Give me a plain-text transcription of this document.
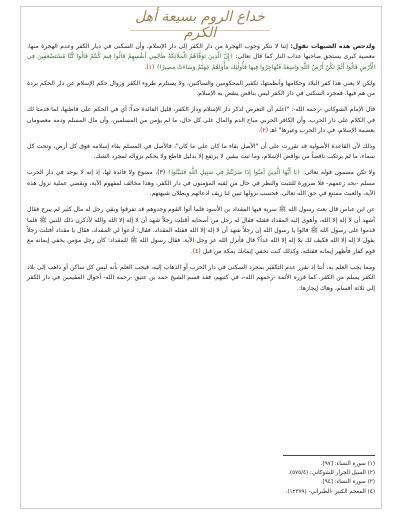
خداع الروم بسيعة أهل الكرم

ولدحض هذه الشبهات نقول: إننا لا ننكر وجوب الهجرة من دار الكفر إلى دار الإسلام، وأن السكنى في ديار الكفر وعدم الهجرة منها، معصية كبرى يستحق صاحبها عذاب النار كما قال تعالى: ﴿إِنَّ الَّذِينَ تَوَفَّاهُمُ الْمَلَائِكَةُ ظَالِمِي أَنفُسِهِمْ قَالُوا فِيمَ كُنتُمْ قَالُوا كُنَّا مُسْتَضْعَفِينَ فِي الْأَرْضِ قَالُوا أَلَمْ تَكُنْ أَرْضُ اللَّهِ وَاسِعَةً فَتُهَاجِرُوا فِيهَا فَأُولَٰئِكَ مَأْوَاهُمْ جَهَنَّمُ وَسَاءَتْ مَصِيرًا﴾ (١).

ولكن لا يعني هذا كفر البلاد وحكامها وأنظمتها، تكفير المحكومين والساكنين، ولا يستلزم طروء الكفر وزوال حكم الإسلام عن دار الحكم بردة من هم فيها، فمجرد السكنى في دار الكفر ليس بناقض ينقض به الإسلام.

قال الإمام الشوكاني -رحمه الله-: "اعلم أن التعرض لذكر دار الإسلام ودار الكفر، قليل الفائدة جداً؛ أي في الحكم على قاطنها، لما قدمنا لك في الكلام على دار الحرب، وأن الكافر الحربي مباح الدم والمال على كل حال، ما لم يؤمن من المسلمين، وأن مال المسلم ودمه معصومان بعصمة الإسلام، في دار الحرب وغيرها" اهـ (٢).

وذلك لأن القاعدة الأصولية قد تقررت على أن "الأصل بقاء ما كان على ما كان"، فالأصل في المسلم بقاء إسلامه فوق كل أرض، وتحت كل سماء، ما لم يرتكب ناقضاً من نواقض الإسلام، وما ثبت بيقين لا يرتفع إلا بدليل قاطع ولا يحكم بزواله لمجرد الشك.

ولا تكن مضمون قوله تعالى: ﴿يَا أَيُّهَا الَّذِينَ آمَنُوا إِذَا ضَرَبْتُمْ فِي سَبِيلِ اللَّهِ فَتَبَيَّنُوا﴾ (٣)، ممنوع ولا فائدة لها، إذ إنه لا يوجد في دار الحرب مسلم -بحد زعمهم- فلا ضرورة للتثبت والنظر في حال من لقيه المؤمنون في دار الكفر، وهذا مخالف لمفهوم الآية، وبقضي عملية نزول هذه الآية، والعبث ممتنع في حق الله تعالى، فحسب نزولها تبين لنا زيف ادعائهم وبطلان شبهتهم.

عن ابن عباس قال بعث رسول الله ﷺ سرية فيها المقداد بن الأسود فلما أتوا القوم وجدوهم قد تفرقوا وبقي رجل له مال كثير لم يبرح فقال أشهد أن لا إله إلا الله، وأهوى إليه المقداد فقتله فقال له رجل من أصحابه أقتلت رجلاً شهد أن لا إله إلا الله والله لأذكرن ذلك للنبي ﷺ فلما قدموا على رسول الله ﷺ قالوا يا رسول الله إن رجلاً شهد أن لا إله إلا الله فقتله المقداد، فقال: أدعوا لي المقداد، فقال يا مقداد أقتلت رجلاً يقول لا إله إلا الله فكيف لك بلا إله إلا الله غداً؟ قال فأنزل الله عز وجل الآية. فقال رسول الله ﷺ للمقداد: كان رجل مؤمن يخفي إيمانه مع قوم كفار فأظهر إيمانه فقتلته، وكذلك كنت تخفي إيمانك بمكة من قبل (٤).

ومما يجب العلم به، أننا إذ نقرر عدم التكفير بمجرد السكنى في دار الحرب أو الذهاب إليه، فيجب العلم بأنه ليس كل ساكن أو ذاهب إلى بلاد الكفر يسلم من الكفر، كما قرره الأئمة -رحمهم الله-، في كتبهم، فقد قسم الشيخ حمد بن عتيق -رحمه الله- أحوال المقيمين في دار الكفر إلى ثلاثة أقسام، وهاك إيجازها:

(١) سورة النساء: [٩٧].

(٢) السيل الجرار للشوكاني: (٥٧٥/٤).

(٣) سورة النساء: [٩٤].

(٤) المعجم الكبير -الطبراني- (١٢٣٧٩).
